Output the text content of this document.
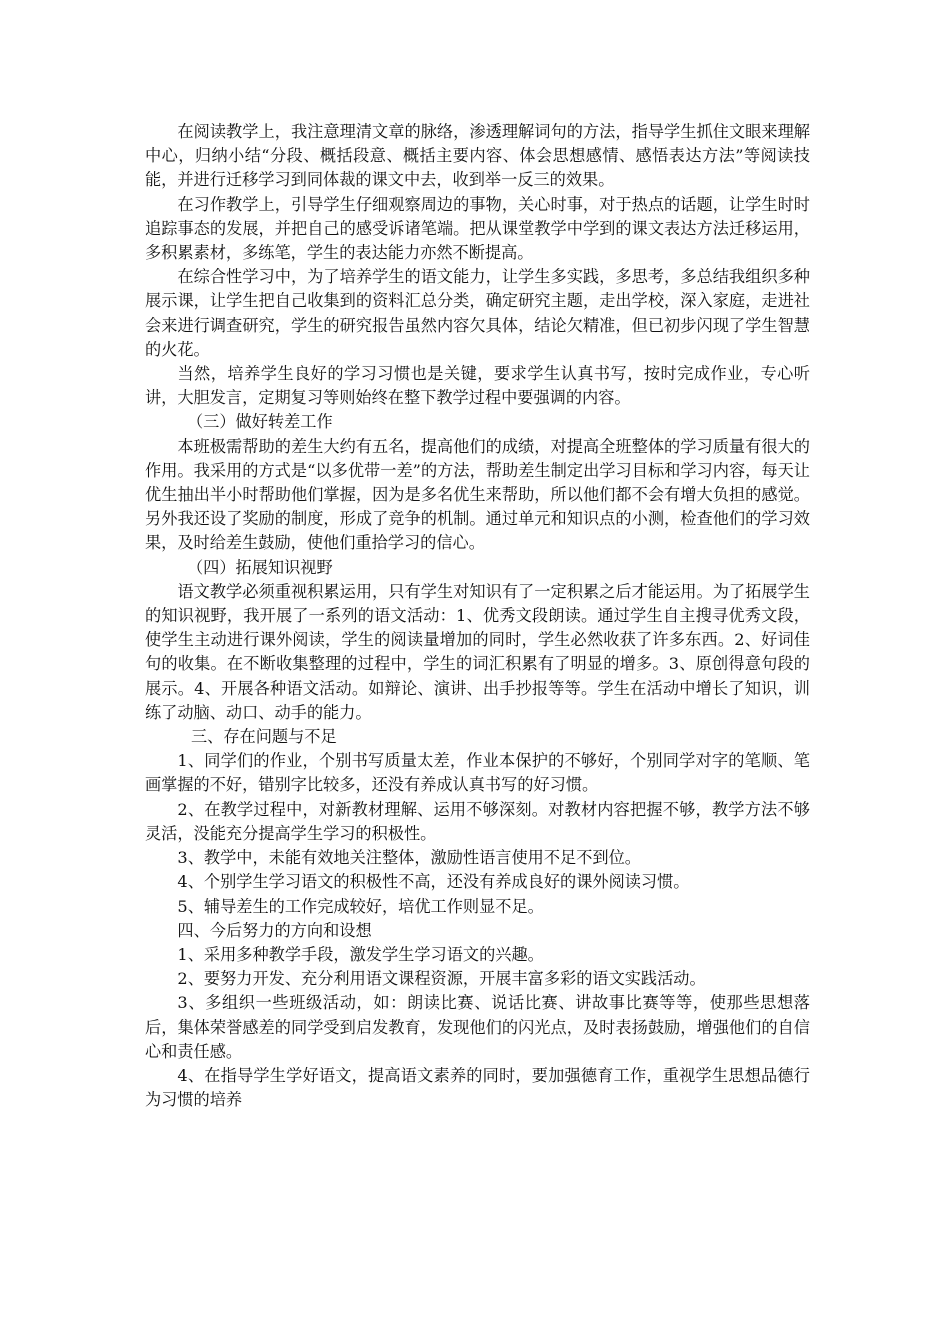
在阅读教学上，我注意理清文章的脉络，渗透理解词句的方法，指导学生抓住文眼来理解中心，归纳小结“分段、概括段意、概括主要内容、体会思想感情、感悟表达方法”等阅读技能，并进行迁移学习到同体裁的课文中去，收到举一反三的效果。

在习作教学上，引导学生仔细观察周边的事物，关心时事，对于热点的话题，让学生时时追踪事态的发展，并把自己的感受诉诸笔端。把从课堂教学中学到的课文表达方法迁移运用，多积累素材，多练笔，学生的表达能力亦然不断提高。

在综合性学习中，为了培养学生的语文能力，让学生多实践，多思考，多总结我组织多种展示课，让学生把自己收集到的资料汇总分类，确定研究主题，走出学校，深入家庭，走进社会来进行调查研究，学生的研究报告虽然内容欠具体，结论欠精准，但已初步闪现了学生智慧的火花。

当然，培养学生良好的学习习惯也是关键，要求学生认真书写，按时完成作业，专心听讲，大胆发言，定期复习等则始终在整下教学过程中要强调的内容。

（三）做好转差工作

本班极需帮助的差生大约有五名，提高他们的成绩，对提高全班整体的学习质量有很大的作用。我采用的方式是“以多优带一差”的方法，帮助差生制定出学习目标和学习内容，每天让优生抽出半小时帮助他们掌握，因为是多名优生来帮助，所以他们都不会有增大负担的感觉。另外我还设了奖励的制度，形成了竞争的机制。通过单元和知识点的小测，检查他们的学习效果，及时给差生鼓励，使他们重拾学习的信心。

（四）拓展知识视野

语文教学必须重视积累运用，只有学生对知识有了一定积累之后才能运用。为了拓展学生的知识视野，我开展了一系列的语文活动：1、优秀文段朗读。通过学生自主搜寻优秀文段，使学生主动进行课外阅读，学生的阅读量增加的同时，学生必然收获了许多东西。2、好词佳句的收集。在不断收集整理的过程中，学生的词汇积累有了明显的增多。3、原创得意句段的展示。4、开展各种语文活动。如辩论、演讲、出手抄报等等。学生在活动中增长了知识，训练了动脑、动口、动手的能力。

三、存在问题与不足

1、同学们的作业，个别书写质量太差，作业本保护的不够好，个别同学对字的笔顺、笔画掌握的不好，错别字比较多，还没有养成认真书写的好习惯。

2、在教学过程中，对新教材理解、运用不够深刻。对教材内容把握不够，教学方法不够灵活，没能充分提高学生学习的积极性。

3、教学中，未能有效地关注整体，激励性语言使用不足不到位。

4、个别学生学习语文的积极性不高，还没有养成良好的课外阅读习惯。

5、辅导差生的工作完成较好，培优工作则显不足。

四、今后努力的方向和设想

1、采用多种教学手段，激发学生学习语文的兴趣。

2、要努力开发、充分利用语文课程资源，开展丰富多彩的语文实践活动。

3、多组织一些班级活动，如：朗读比赛、说话比赛、讲故事比赛等等，使那些思想落后，集体荣誉感差的同学受到启发教育，发现他们的闪光点，及时表扬鼓励，增强他们的自信心和责任感。

4、在指导学生学好语文，提高语文素养的同时，要加强德育工作，重视学生思想品德行为习惯的培养
